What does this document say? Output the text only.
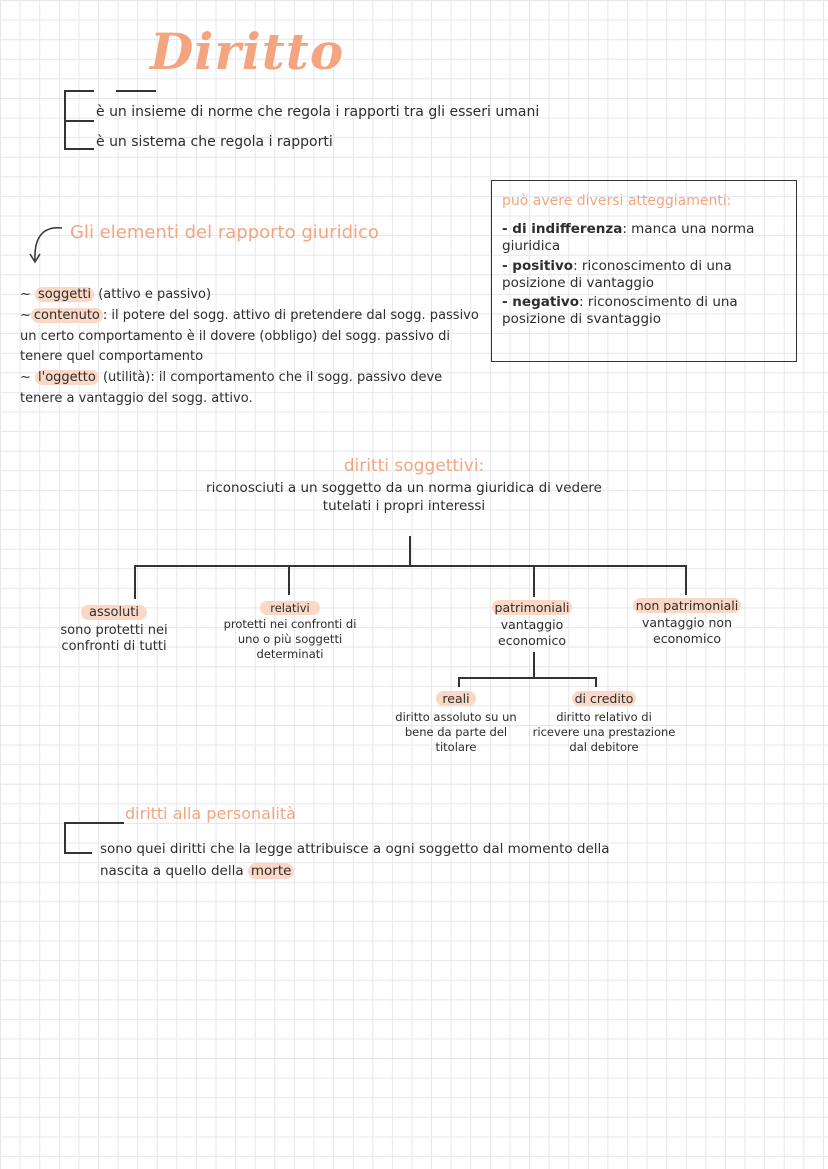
Diritto
è un insieme di norme che regola i rapporti tra gli esseri umani
è un sistema che regola i rapporti
può avere diversi atteggiamenti:
- di indifferenza: manca una norma giuridica
- positivo: riconoscimento di una posizione di vantaggio
- negativo: riconoscimento di una posizione di svantaggio
Gli elementi del rapporto giuridico
~ soggetti (attivo e passivo)
~ contenuto : il potere del sogg. attivo di pretendere dal sogg. passivo un certo comportamento è il dovere (obbligo) del sogg. passivo di tenere quel comportamento
~ l'oggetto (utilità): il comportamento che il sogg. passivo deve tenere a vantaggio del sogg. attivo.
diritti soggettivi:
riconosciuti a un soggetto da un norma giuridica di vedere
tutelati i propri interessi
assoluti
sono protetti nei confronti di tutti
relativi
protetti nei confronti di uno o più soggetti determinati
patrimoniali
vantaggio economico
non patrimoniali
vantaggio non economico
reali
diritto assoluto su un bene da parte del titolare
di credito
diritto relativo di ricevere una prestazione dal debitore
diritti alla personalità
sono quei diritti che la legge attribuisce a ogni soggetto dal momento della nascita a quello della morte
